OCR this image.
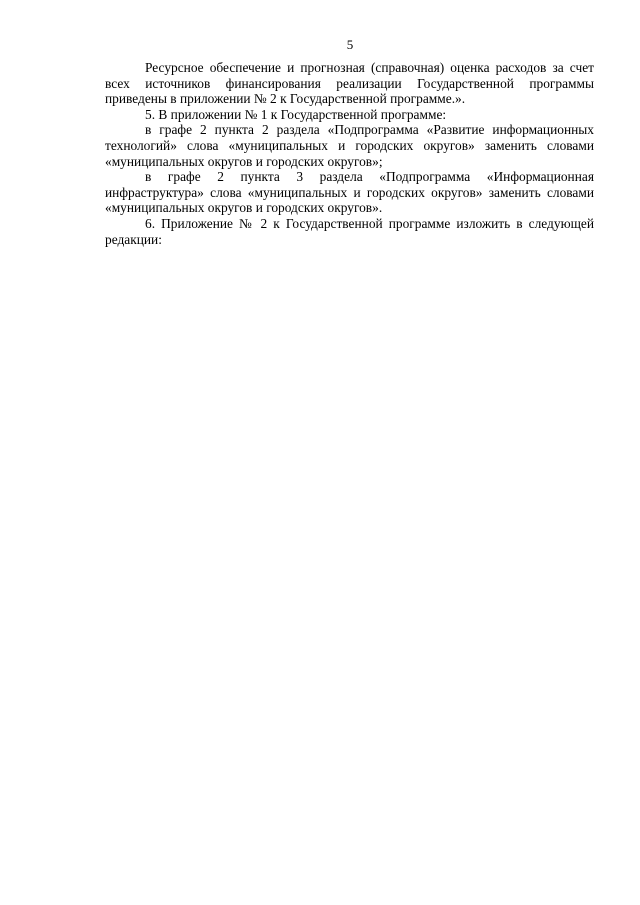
5

Ресурсное обеспечение и прогнозная (справочная) оценка расходов за счет всех источников финансирования реализации Государственной программы приведены в приложении № 2 к Государственной программе.».

5. В приложении № 1 к Государственной программе:

в графе 2 пункта 2 раздела «Подпрограмма «Развитие информационных технологий» слова «муниципальных и городских округов» заменить словами «муниципальных округов и городских округов»;

в графе 2 пункта 3 раздела «Подпрограмма «Информационная инфраструктура» слова «муниципальных и городских округов» заменить словами «муниципальных округов и городских округов».

6. Приложение № 2 к Государственной программе изложить в следующей редакции:
